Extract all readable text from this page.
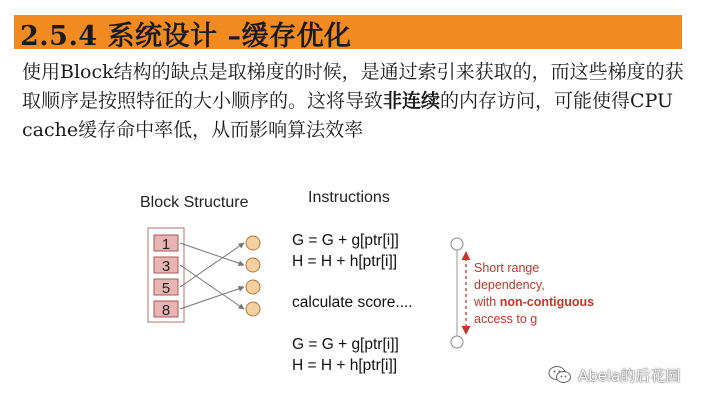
2.5.4 系统设计 –缓存优化
使用Block结构的缺点是取梯度的时候，是通过索引来获取的，而这些梯度的获取顺序是按照特征的大小顺序的。这将导致非连续的内存访问，可能使得CPU cache缓存命中率低，从而影响算法效率
Block Structure	Instructions
1
3
5
8
G = G + g[ptr[i]]
H = H + h[ptr[i]]
calculate score....
G = G + g[ptr[i]]
H = H + h[ptr[i]]
Short range dependency, with non-contiguous access to g
Abela的后花园
